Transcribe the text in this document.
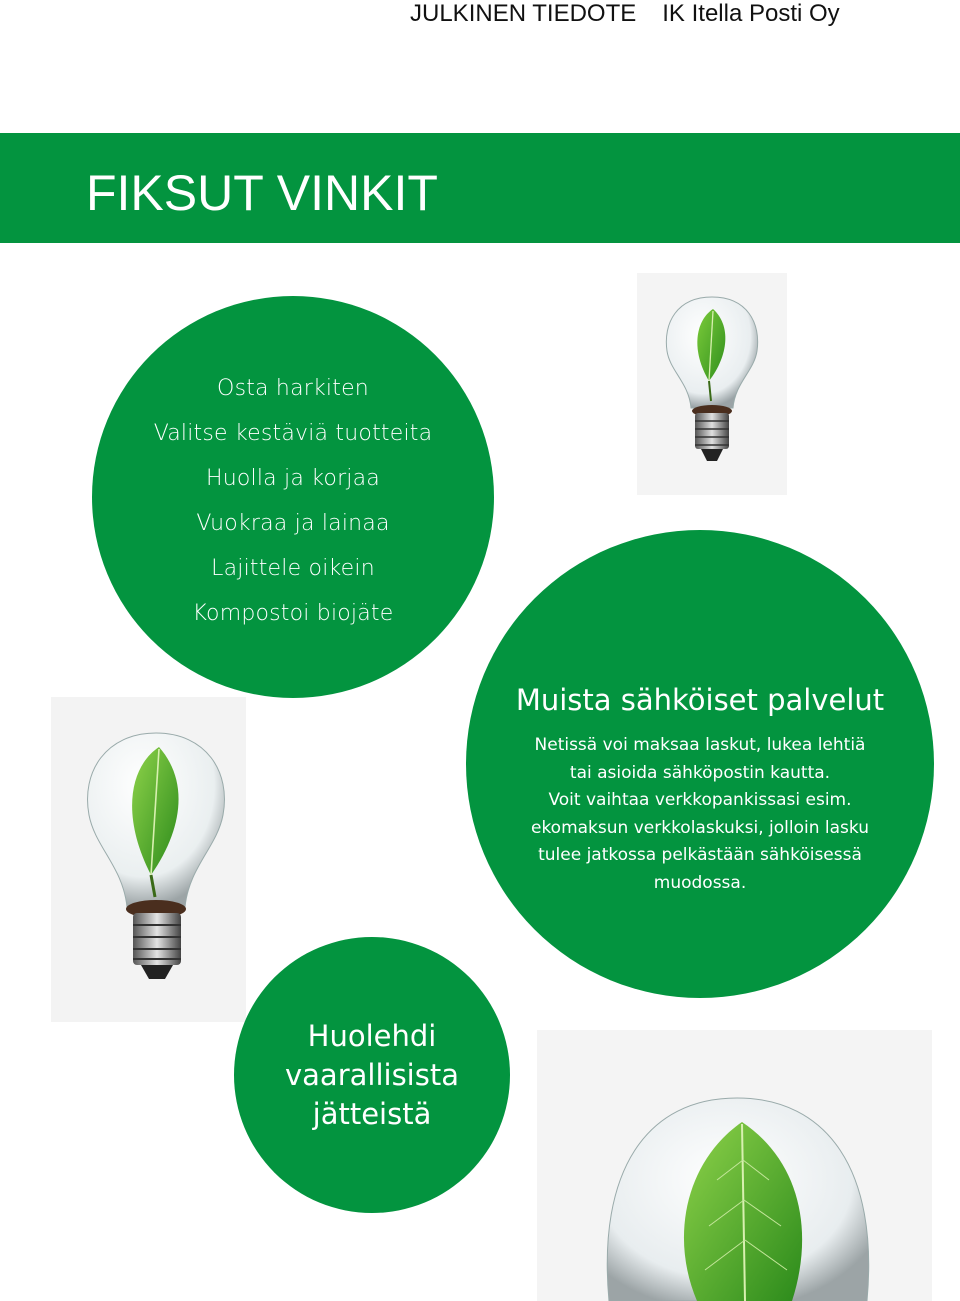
JULKINEN TIEDOTE IK Itella Posti Oy
FIKSUT VINKIT
Osta harkiten
Valitse kestäviä tuotteita
Huolla ja korjaa
Vuokraa ja lainaa
Lajittele oikein
Kompostoi biojäte
Muista sähköiset palvelut
Netissä voi maksaa laskut, lukea lehtiä
tai asioida sähköpostin kautta.
Voit vaihtaa verkkopankissasi esim.
ekomaksun verkkolaskuksi, jolloin lasku
tulee jatkossa pelkästään sähköisessä
muodossa.
Huolehdi
vaarallisista
jätteistä
